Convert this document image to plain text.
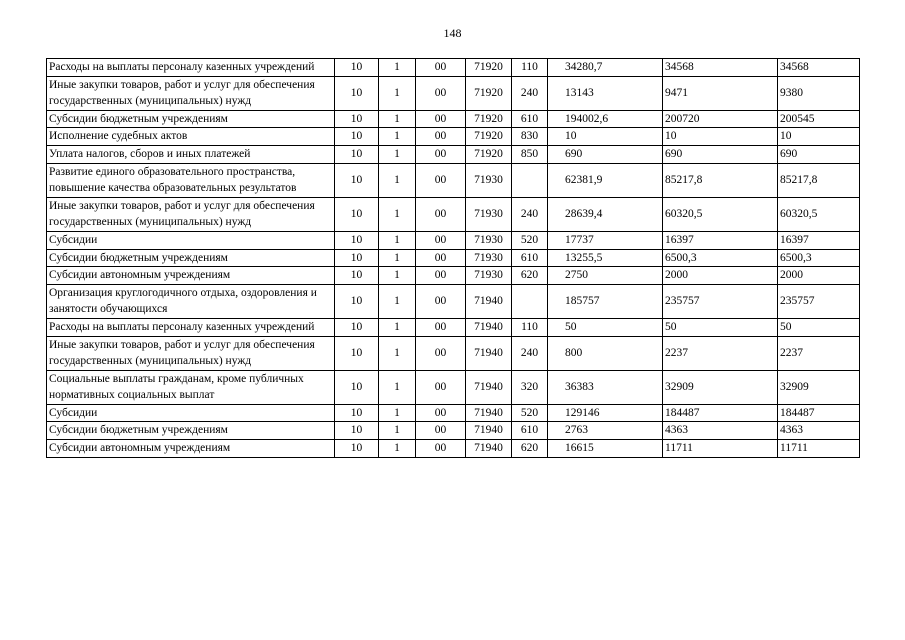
148
Расходы на выплаты персоналу казенных учреждений	10	1	00	71920	110	34280,7	34568	34568
Иные закупки товаров, работ и услуг для обеспечения государственных (муниципальных) нужд	10	1	00	71920	240	13143	9471	9380
Субсидии бюджетным учреждениям	10	1	00	71920	610	194002,6	200720	200545
Исполнение судебных актов	10	1	00	71920	830	10	10	10
Уплата налогов, сборов и иных платежей	10	1	00	71920	850	690	690	690
Развитие единого образовательного пространства, повышение качества образовательных результатов	10	1	00	71930		62381,9	85217,8	85217,8
Иные закупки товаров, работ и услуг для обеспечения государственных (муниципальных) нужд	10	1	00	71930	240	28639,4	60320,5	60320,5
Субсидии	10	1	00	71930	520	17737	16397	16397
Субсидии бюджетным учреждениям	10	1	00	71930	610	13255,5	6500,3	6500,3
Субсидии автономным учреждениям	10	1	00	71930	620	2750	2000	2000
Организация круглогодичного отдыха, оздоровления и занятости обучающихся	10	1	00	71940		185757	235757	235757
Расходы на выплаты персоналу казенных учреждений	10	1	00	71940	110	50	50	50
Иные закупки товаров, работ и услуг для обеспечения государственных (муниципальных) нужд	10	1	00	71940	240	800	2237	2237
Социальные выплаты гражданам, кроме публичных нормативных социальных выплат	10	1	00	71940	320	36383	32909	32909
Субсидии	10	1	00	71940	520	129146	184487	184487
Субсидии бюджетным учреждениям	10	1	00	71940	610	2763	4363	4363
Субсидии автономным учреждениям	10	1	00	71940	620	16615	11711	11711
